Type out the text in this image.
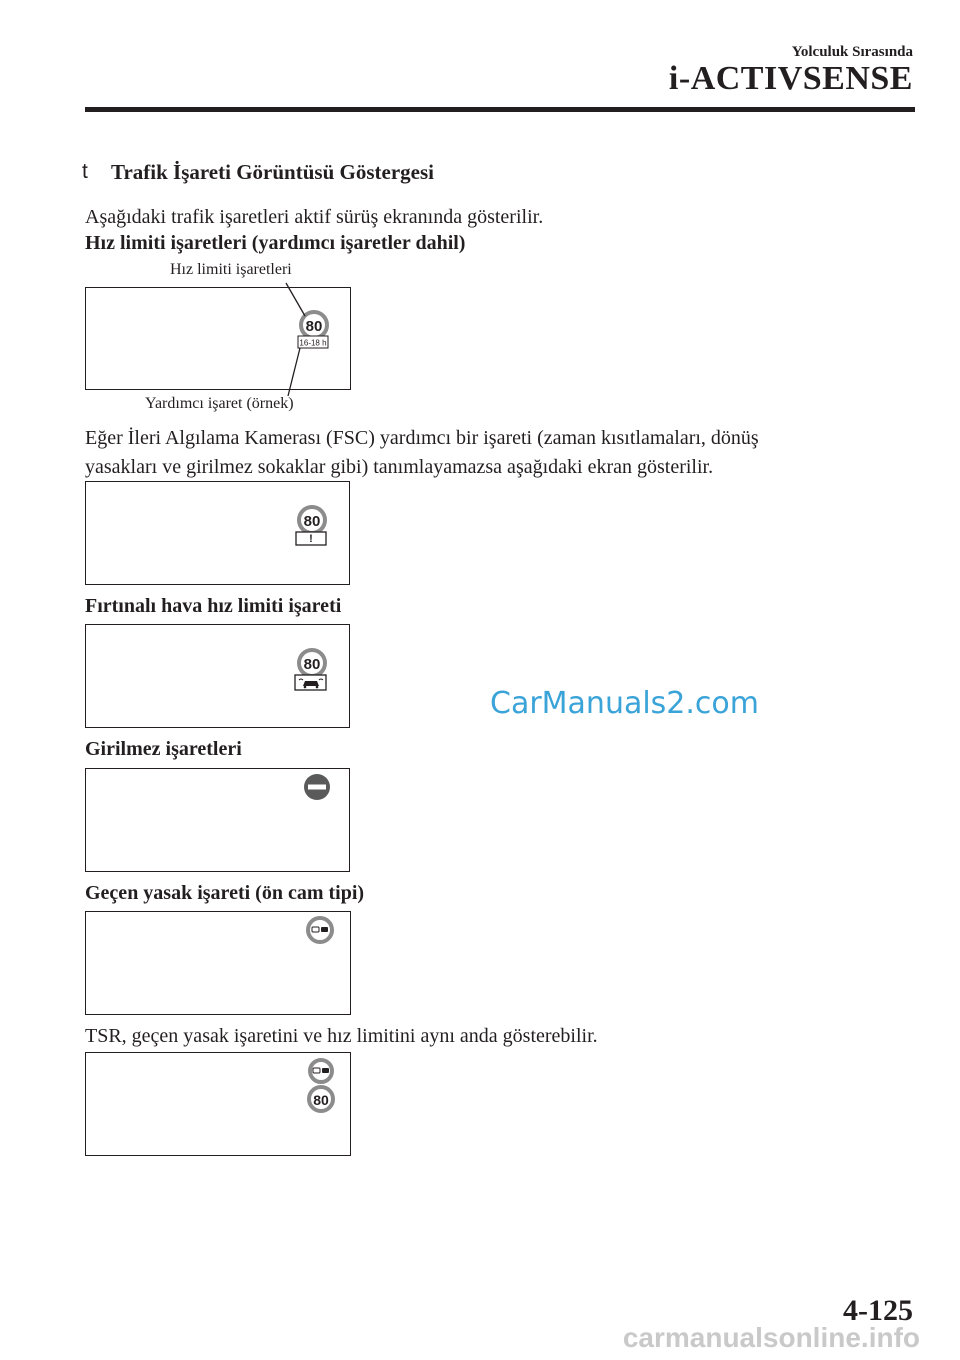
Yolculuk Sırasında
i-ACTIVSENSE
t Trafik İşareti Görüntüsü Göstergesi
Aşağıdaki trafik işaretleri aktif sürüş ekranında gösterilir.
Hız limiti işaretleri (yardımcı işaretler dahil)
Hız limiti işaretleri
80
16-18 h
Yardımcı işaret (örnek)
Eğer İleri Algılama Kamerası (FSC) yardımcı bir işareti (zaman kısıtlamaları, dönüş
yasakları ve girilmez sokaklar gibi) tanımlayamazsa aşağıdaki ekran gösterilir.
80
!
Fırtınalı hava hız limiti işareti
80
Girilmez işaretleri
Geçen yasak işareti (ön cam tipi)
TSR, geçen yasak işaretini ve hız limitini aynı anda gösterebilir.
80
CarManuals2.com
4-125
carmanualsonline.info
